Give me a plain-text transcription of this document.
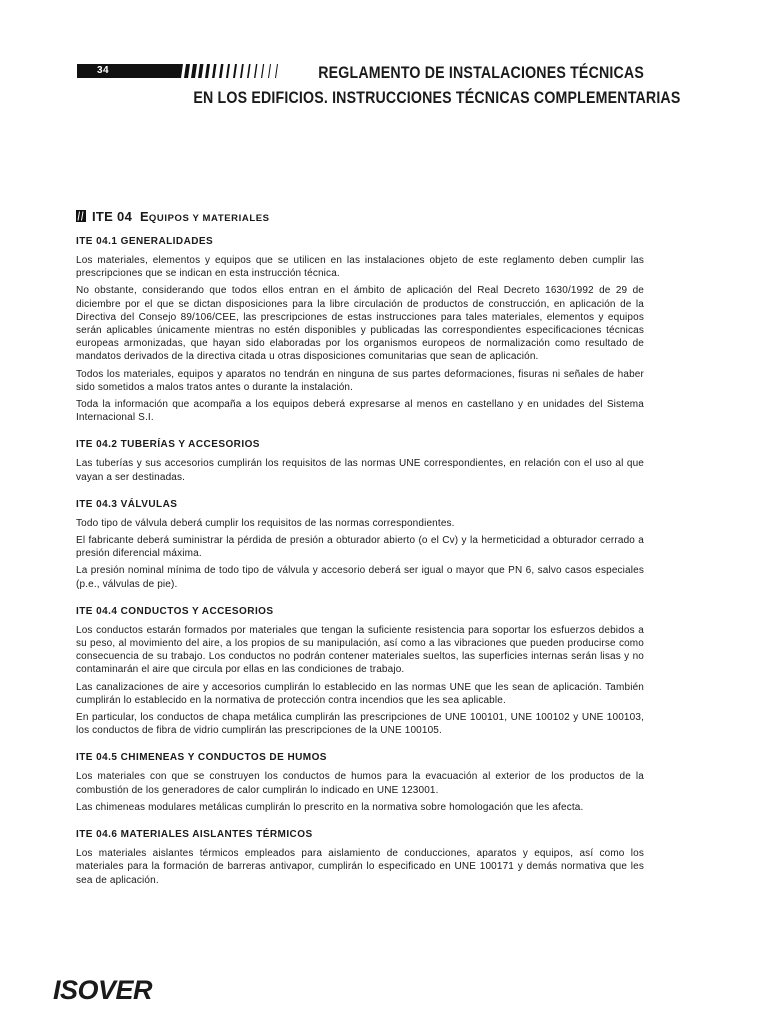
34	REGLAMENTO DE INSTALACIONES TÉCNICAS
EN LOS EDIFICIOS. INSTRUCCIONES TÉCNICAS COMPLEMENTARIAS
ITE 04 EQUIPOS Y MATERIALES
ITE 04.1 GENERALIDADES

Los materiales, elementos y equipos que se utilicen en las instalaciones objeto de este reglamento deben cumplir las prescripciones que se indican en esta instrucción técnica.

No obstante, considerando que todos ellos entran en el ámbito de aplicación del Real Decreto 1630/1992 de 29 de diciembre por el que se dictan disposiciones para la libre circulación de productos de construcción, en aplicación de la Directiva del Consejo 89/106/CEE, las prescripciones de estas instrucciones para tales materiales, elementos y equipos serán aplicables únicamente mientras no estén disponibles y publicadas las correspondientes especificaciones técnicas europeas armonizadas, que hayan sido elaboradas por los organismos europeos de normalización como resultado de mandatos derivados de la directiva citada u otras disposiciones comunitarias que sean de aplicación.

Todos los materiales, equipos y aparatos no tendrán en ninguna de sus partes deformaciones, fisuras ni señales de haber sido sometidos a malos tratos antes o durante la instalación.

Toda la información que acompaña a los equipos deberá expresarse al menos en castellano y en unidades del Sistema Internacional S.I.

ITE 04.2 TUBERÍAS Y ACCESORIOS

Las tuberías y sus accesorios cumplirán los requisitos de las normas UNE correspondientes, en relación con el uso al que vayan a ser destinadas.

ITE 04.3 VÁLVULAS

Todo tipo de válvula deberá cumplir los requisitos de las normas correspondientes.

El fabricante deberá suministrar la pérdida de presión a obturador abierto (o el Cv) y la hermeticidad a obturador cerrado a presión diferencial máxima.

La presión nominal mínima de todo tipo de válvula y accesorio deberá ser igual o mayor que PN 6, salvo casos especiales (p.e., válvulas de pie).

ITE 04.4 CONDUCTOS Y ACCESORIOS

Los conductos estarán formados por materiales que tengan la suficiente resistencia para soportar los esfuerzos debidos a su peso, al movimiento del aire, a los propios de su manipulación, así como a las vibraciones que pueden producirse como consecuencia de su trabajo. Los conductos no podrán contener materiales sueltos, las superficies internas serán lisas y no contaminarán el aire que circula por ellas en las condiciones de trabajo.

Las canalizaciones de aire y accesorios cumplirán lo establecido en las normas UNE que les sean de aplicación. También cumplirán lo establecido en la normativa de protección contra incendios que les sea aplicable.

En particular, los conductos de chapa metálica cumplirán las prescripciones de UNE 100101, UNE 100102 y UNE 100103, los conductos de fibra de vidrio cumplirán las prescripciones de la UNE 100105.

ITE 04.5 CHIMENEAS Y CONDUCTOS DE HUMOS

Los materiales con que se construyen los conductos de humos para la evacuación al exterior de los productos de la combustión de los generadores de calor cumplirán lo indicado en UNE 123001.

Las chimeneas modulares metálicas cumplirán lo prescrito en la normativa sobre homologación que les afecta.

ITE 04.6 MATERIALES AISLANTES TÉRMICOS

Los materiales aislantes térmicos empleados para aislamiento de conducciones, aparatos y equipos, así como los materiales para la formación de barreras antivapor, cumplirán lo especificado en UNE 100171 y demás normativa que les sea de aplicación.

ISOVER
